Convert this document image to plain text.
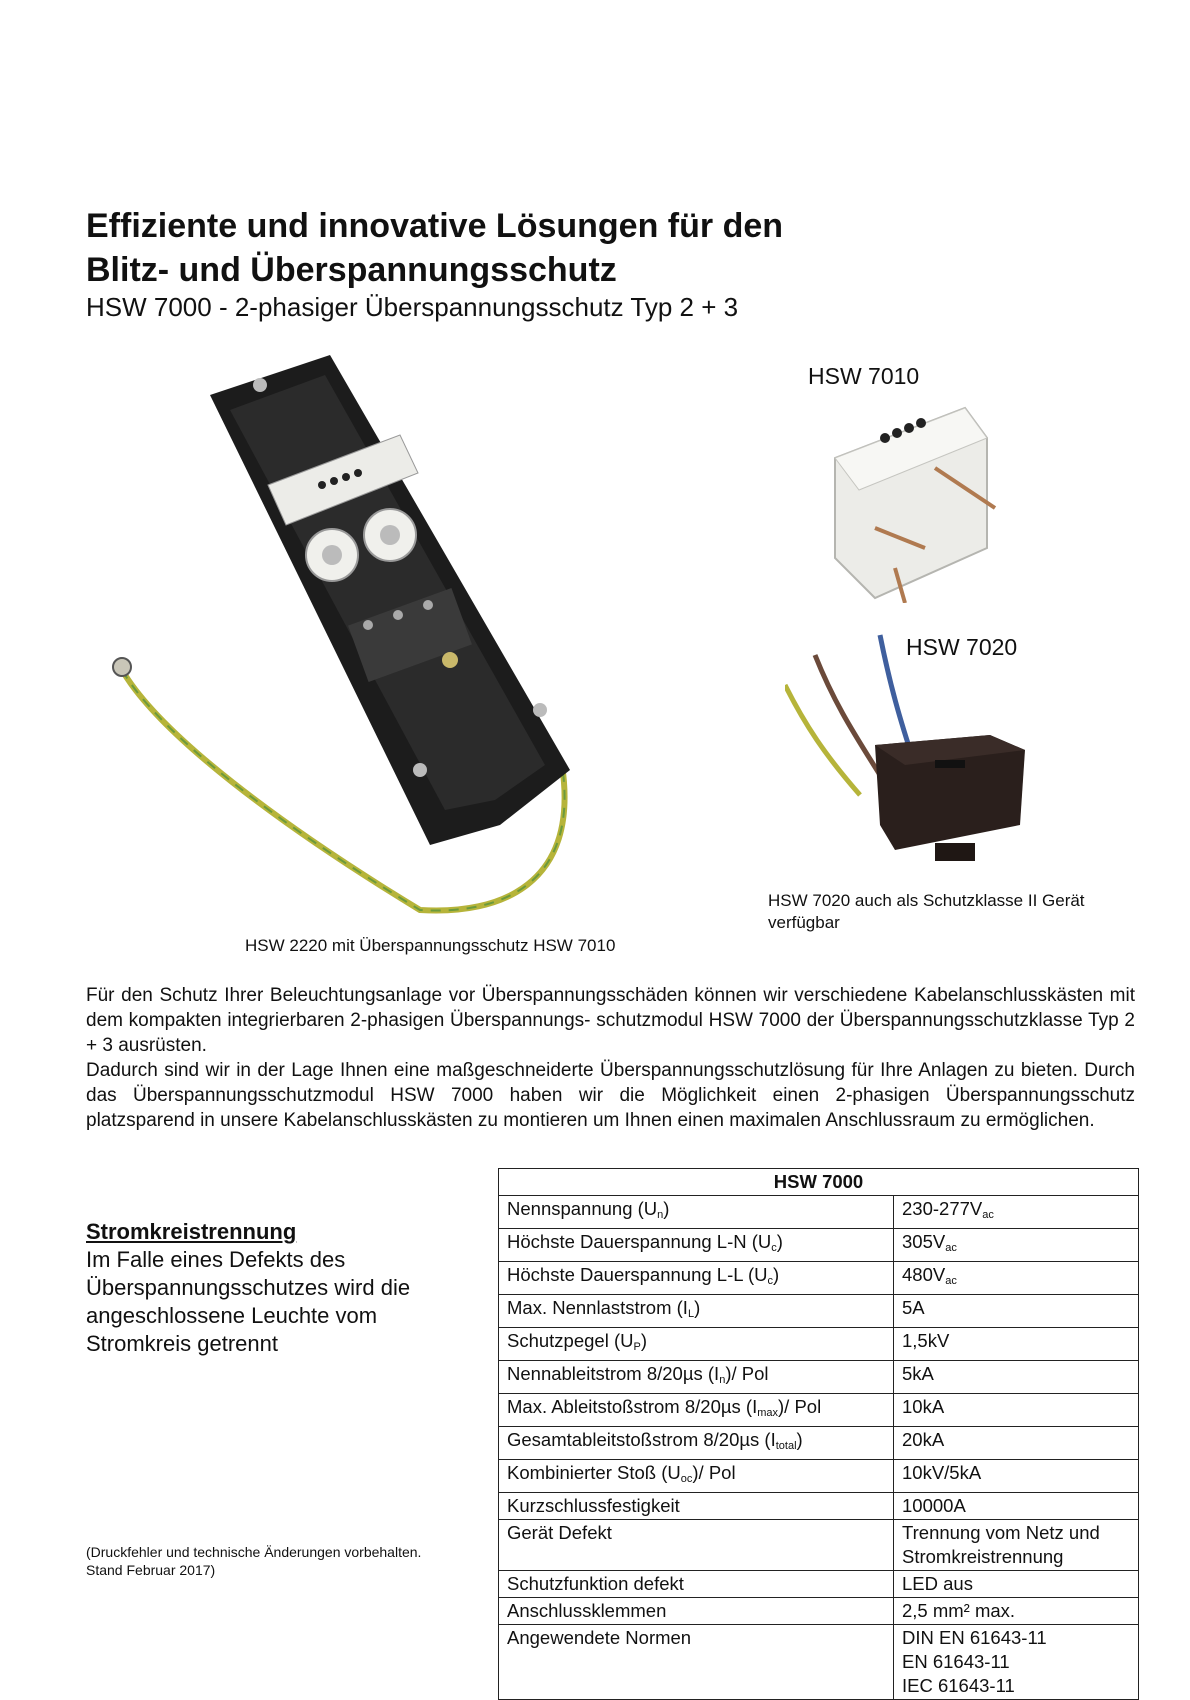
Effiziente und innovative Lösungen für den
Blitz- und Überspannungsschutz
HSW 7000 - 2-phasiger Überspannungsschutz Typ 2 + 3
HSW 2220 mit Überspannungsschutz HSW 7010
HSW 7010
HSW 7020
HSW 7020 auch als Schutzklasse II Gerät verfügbar
Für den Schutz Ihrer Beleuchtungsanlage vor Überspannungsschäden können wir verschiedene Kabelanschlusskästen mit dem kompakten integrierbaren 2-phasigen Überspannungs- schutzmodul HSW 7000 der Überspannungsschutzklasse Typ 2 + 3 ausrüsten.
Dadurch sind wir in der Lage Ihnen eine maßgeschneiderte Überspannungsschutzlösung für Ihre Anlagen zu bieten. Durch das Überspannungsschutzmodul HSW 7000 haben wir die Möglichkeit einen 2-phasigen Überspannungsschutz platzsparend in unsere Kabelanschlusskästen zu montieren um Ihnen einen maximalen Anschlussraum zu ermöglichen.
Stromkreistrennung
Im Falle eines Defekts des Überspannungsschutzes wird die angeschlossene Leuchte vom Stromkreis getrennt
(Druckfehler und technische Änderungen vorbehalten.
Stand Februar 2017)
HSW 7000	
Nennspannung $(U_n)$	$230-277V_{ac}$
Höchste Dauerspannung L-N $(U_c)$	$305V_{ac}$
Höchste Dauerspannung L-L $(U_c)$	$480V_{ac}$
Max. Nennlaststrom $(I_L)$	5A
Schutzpegel $(U_P)$	1,5kV
Nennableitstrom 8/20µs $(I_n)/$ Pol	5kA
Max. Ableitstoßstrom 8/20µs $(I_{max})/$ Pol	10kA
Gesamtableitstoßstrom 8/20µs $(I_{total})$	20kA
Kombinierter Stoß $(U_{oc})/$ Pol	10kV/5kA
Kurzschlussfestigkeit	10000A
Gerät Defekt	Trennung vom Netz und
Stromkreistrennung
Schutzfunktion defekt	LED aus
Anschlussklemmen	2,5 mm² max.
Angewendete Normen	DIN EN 61643-11
EN 61643-11
IEC 61643-11
